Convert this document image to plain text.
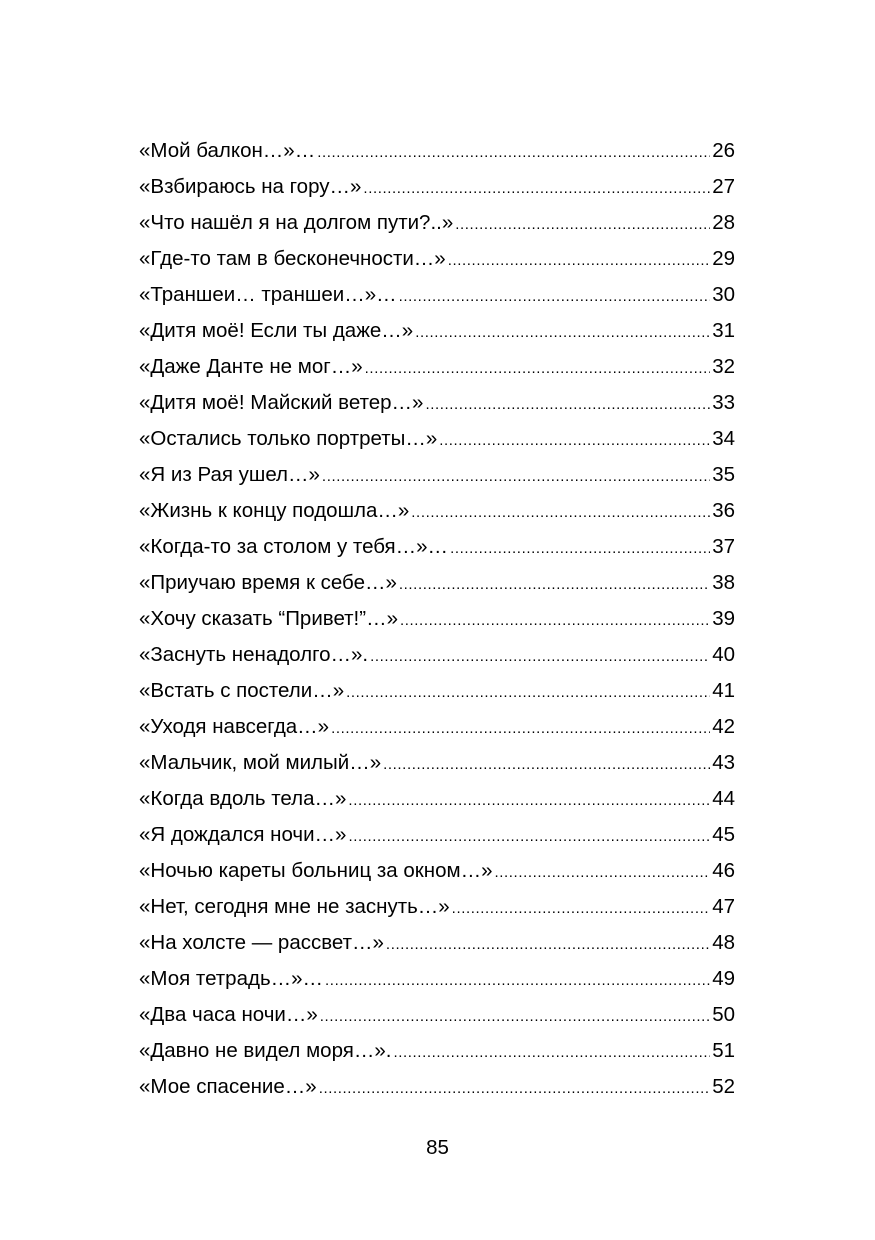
«Мой балкон…»… .....	26
«Взбираюсь на гору…» .....	27
«Что нашёл я на долгом пути?..» .....	28
«Где-то там в бесконечности…» .....	29
«Траншеи… траншеи…»… .....	30
«Дитя моё! Если ты даже…» .....	31
«Даже Данте не мог…» .....	32
«Дитя моё! Майский ветер…» .....	33
«Остались только портреты…» .....	34
«Я из Рая ушел…» .....	35
«Жизнь к концу подошла…» .....	36
«Когда-то за столом у тебя…»… .....	37
«Приучаю время к себе…» .....	38
«Хочу сказать “Привет!”…» .....	39
«Заснуть ненадолго…». .....	40
«Встать с постели…» .....	41
«Уходя навсегда…» .....	42
«Мальчик, мой милый…» .....	43
«Когда вдоль тела…» .....	44
«Я дождался ночи…» .....	45
«Ночью кареты больниц за окном…» .....	46
«Нет, сегодня мне не заснуть…» .....	47
«На холсте — рассвет…» .....	48
«Моя тетрадь…»… .....	49
«Два часа ночи…» .....	50
«Давно не видел моря…». .....	51
«Мое спасение…» .....	52
85
